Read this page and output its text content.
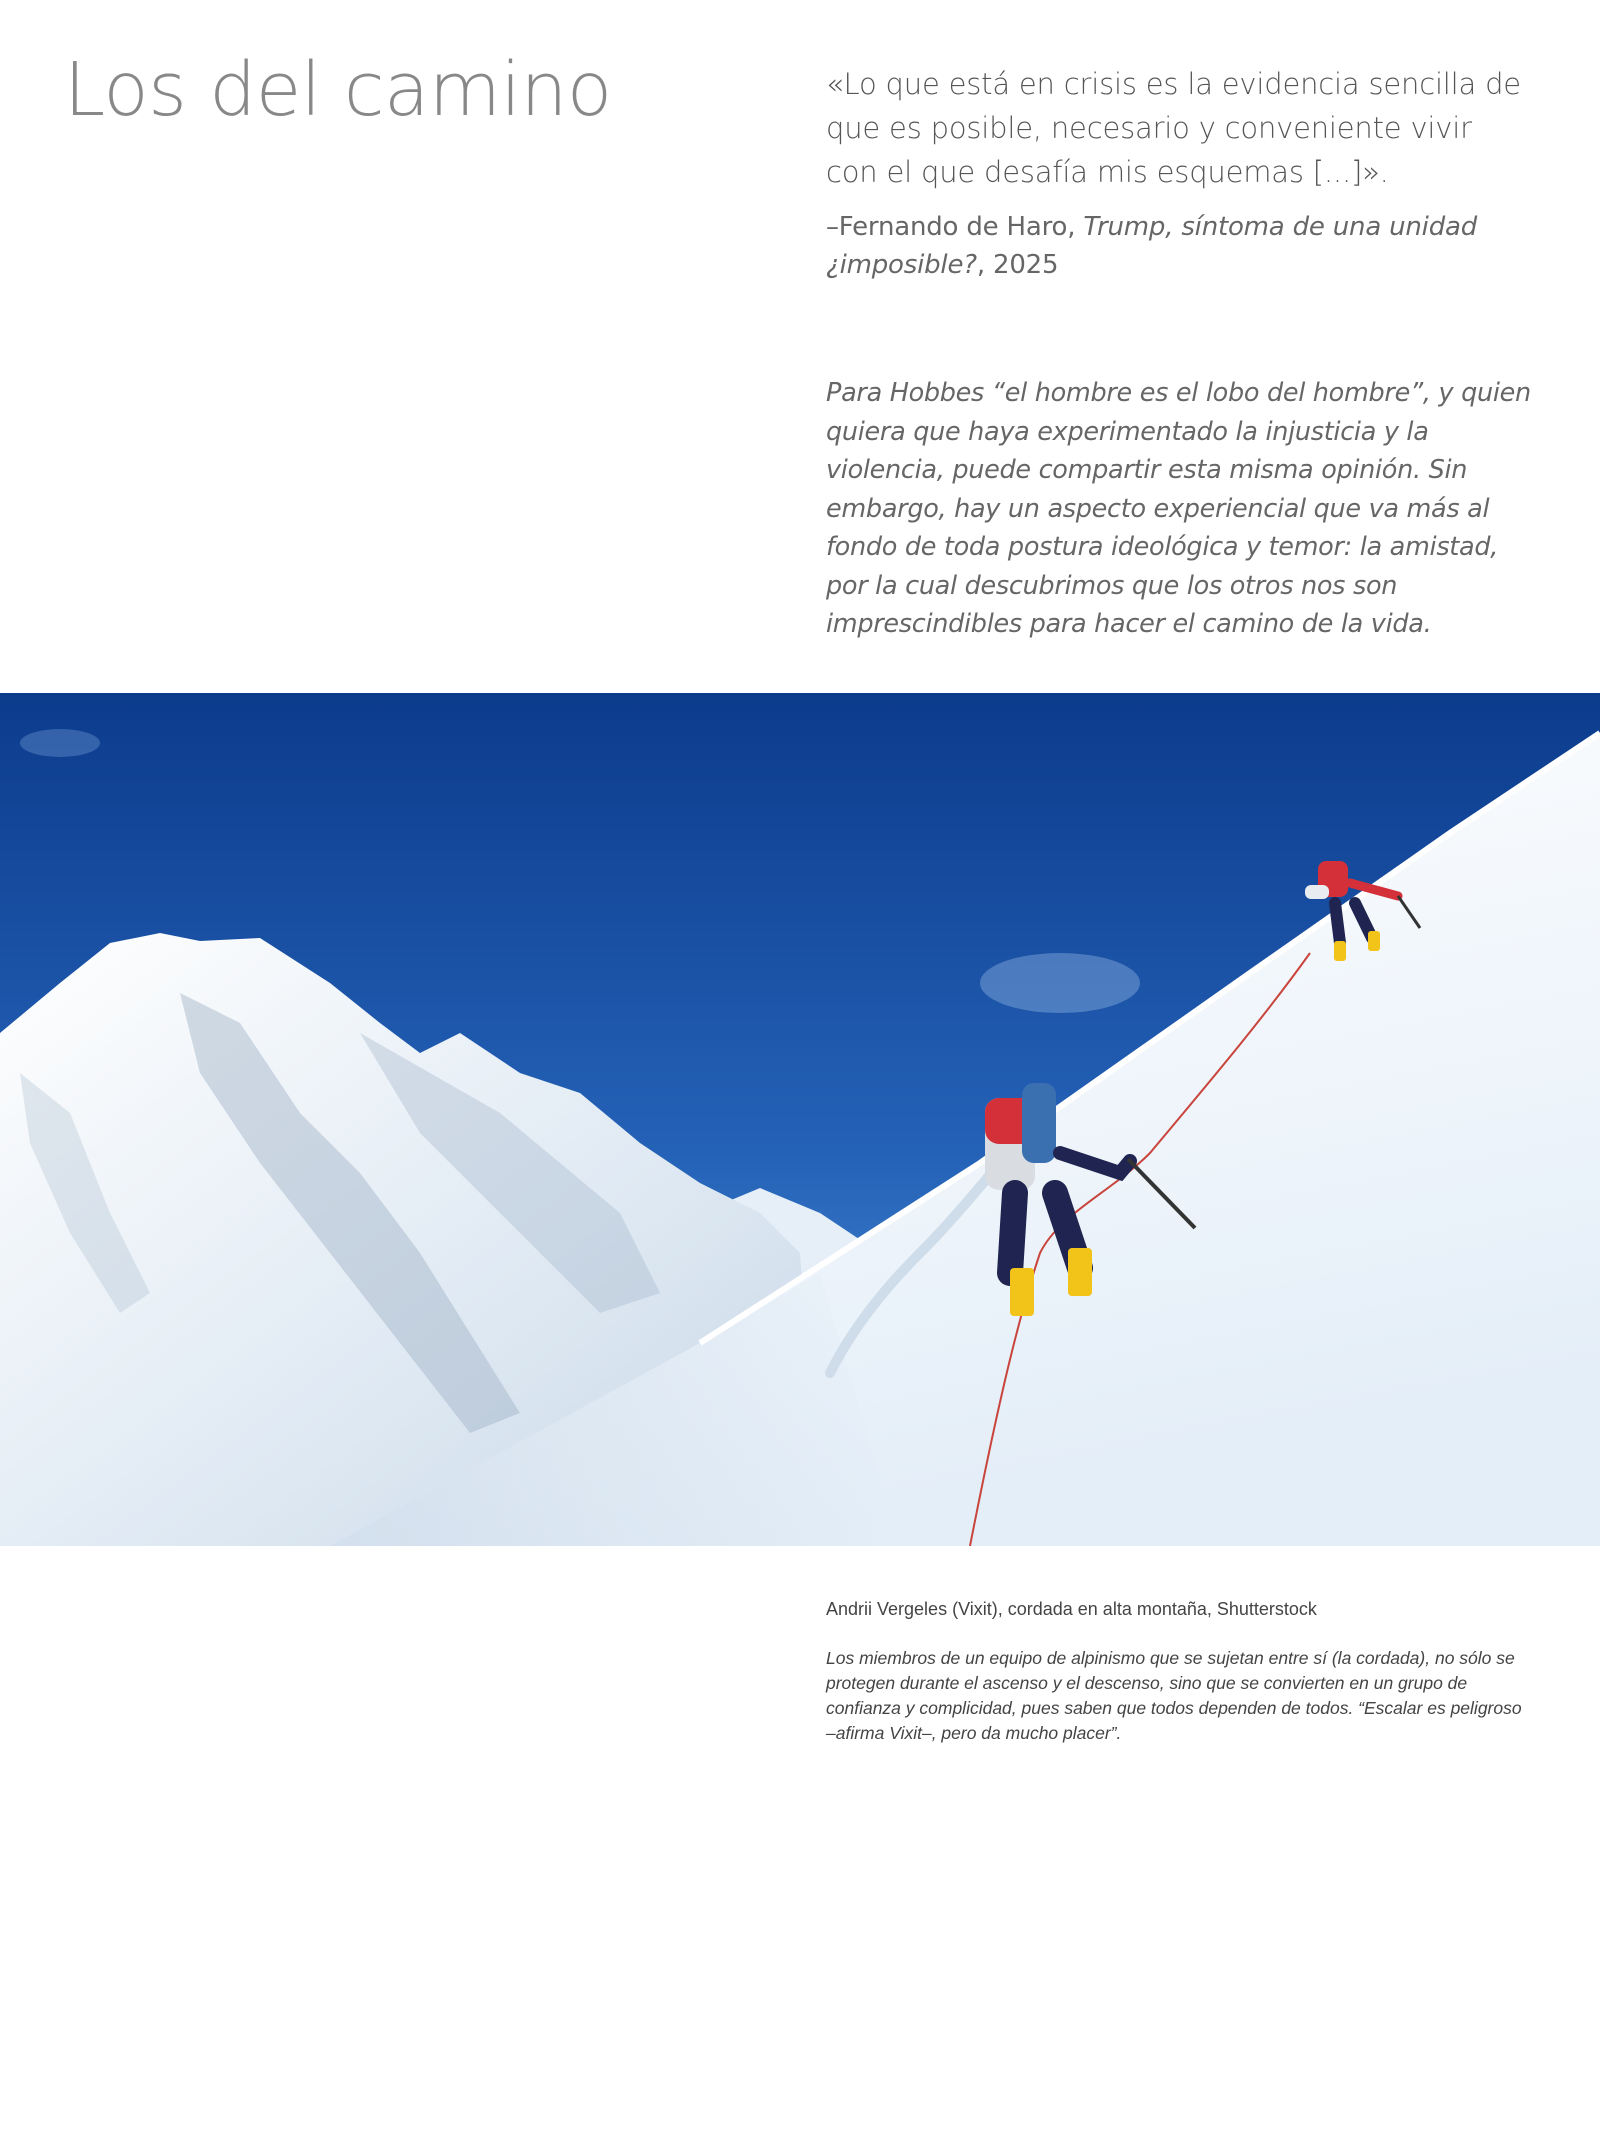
Los del camino	«Lo que está en crisis es la evidencia sencilla de que es posible, necesario y conveniente vivir con el que desafía mis esquemas [...]».

–Fernando de Haro, Trump, síntoma de una unidad ¿imposible?, 2025

Para Hobbes “el hombre es el lobo del hombre”, y quien quiera que haya experimentado la injusticia y la violencia, puede compartir esta misma opinión. Sin embargo, hay un aspecto experiencial que va más al fondo de toda postura ideológica y temor: la amistad, por la cual descubrimos que los otros nos son imprescindibles para hacer el camino de la vida.

Andrii Vergeles (Vixit), cordada en alta montaña, Shutterstock

Los miembros de un equipo de alpinismo que se sujetan entre sí (la cordada), no sólo se protegen durante el ascenso y el descenso, sino que se convierten en un grupo de confianza y complicidad, pues saben que todos dependen de todos. “Escalar es peligroso –afirma Vixit–, pero da mucho placer”.
